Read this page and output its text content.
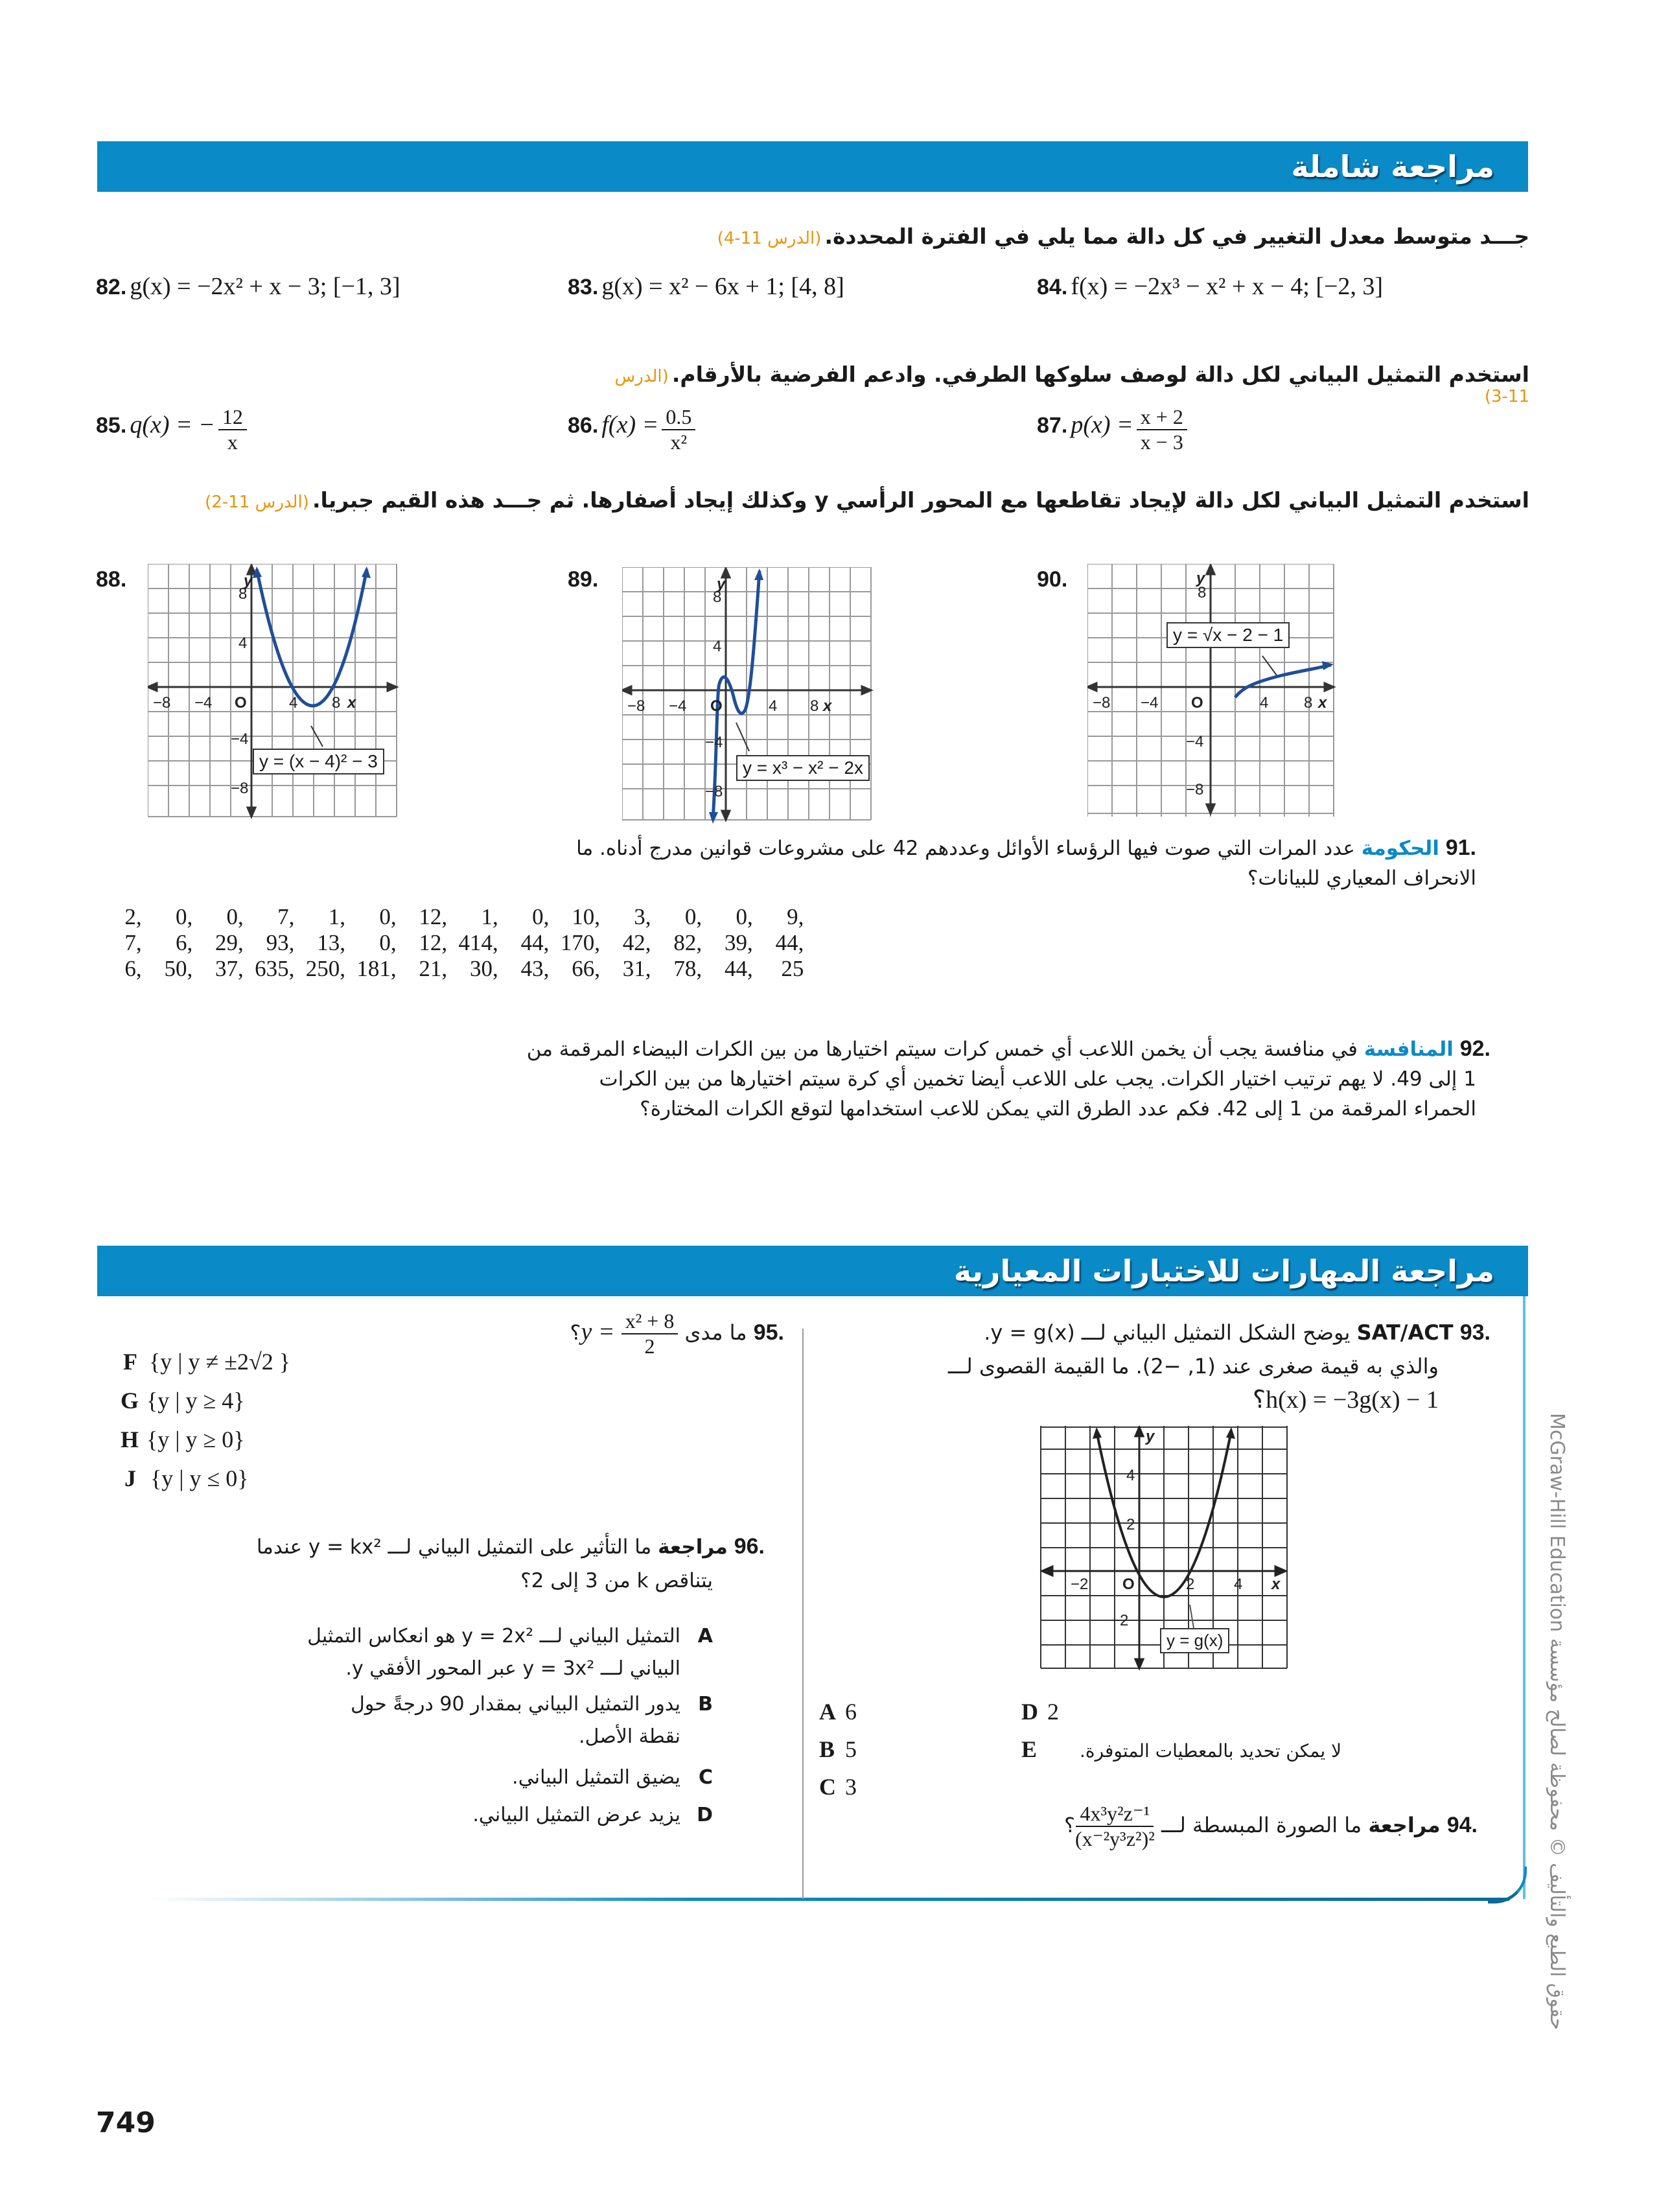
مراجعة شاملة
جـــد متوسط معدل التغيير في كل دالة مما يلي في الفترة المحددة. (الدرس 11-4)
82. g(x) = −2x² + x − 3; [−1, 3]	83. g(x) = x² − 6x + 1; [4, 8]	84. f(x) = −2x³ − x² + x − 4; [−2, 3]
استخدم التمثيل البياني لكل دالة لوصف سلوكها الطرفي. وادعم الفرضية بالأرقام. (الدرس 11-3)
85. q(x) = − $\frac{12}{x}$	86. $f(x) = \frac{0.5}{\text{x²}}$	87. $p(x) = \frac{x + 2}{x - 3}$
استخدم التمثيل البياني لكل دالة لإيجاد تقاطعها مع المحور الرأسي y وكذلك إيجاد أصفارها. ثم جـــد هذه القيم جبريا. (الدرس 11-2)
88.
−8 −4 O	4 8 x
y
8
4
−4
−8
y = (x − 4)² − 3
89.
−8 −4 O	4 8 x
y
8
4
−4
−8
y = x³ − x² − 2x
90.
−8 −4 O	4 8 x
y
8
−4
−8
y = √x − 2 − 1
.91 الحكومة عدد المرات التي صوت فيها الرؤساء الأوائل وعددهم 42 على مشروعات قوانين مدرج أدناه. ما الانحراف المعياري للبيانات؟
2,	0,	0,	7,	1,	0, 12,	1,	0, 10,	3,	0,	0,	9,
7,	6, 29, 93, 13,	0, 12, 414, 44, 170, 42, 82, 39, 44,
6, 50, 37, 635, 250, 181, 21, 30, 43, 66, 31, 78, 44,	25
.92 المنافسة في منافسة يجب أن يخمن اللاعب أي خمس كرات سيتم اختيارها من بين الكرات البيضاء المرقمة من
1 إلى 49. لا يهم ترتيب اختيار الكرات. يجب على اللاعب أيضا تخمين أي كرة سيتم اختيارها من بين الكرات
الحمراء المرقمة من 1 إلى 42. فكم عدد الطرق التي يمكن للاعب استخدامها لتوقع الكرات المختارة؟
مراجعة المهارات للاختبارات المعيارية
.93 SAT/ACT يوضح الشكل التمثيل البياني لـــ y = g(x).
والذي به قيمة صغرى عند (1, −2). ما القيمة القصوى لـــ
h(x) = −3g(x) − 1؟
−2 O	2	4 x
y
4
2
−2
y = g(x)
A 6
B 5
C 3
D 2
E لا يمكن تحديد بالمعطيات المتوفرة.
.94 مراجعة ما الصورة المبسطة لـــ
$\frac{\text{4x³y²z⁻¹}}{\text{(x⁻²y³z²)²}}$
؟
.95 ما مدى
$\frac{\text{x² + 8}}{2}$
y =؟
F {y | y ≠ ±2√2 }
G {y | y ≥ 4}
H {y | y ≥ 0}
J {y | y ≤ 0}
.96 مراجعة ما التأثير على التمثيل البياني لـــ y = kx² عندما
يتناقص k من 3 إلى 2؟
Aالتمثيل البياني لـــ y = 2x² هو انعكاس التمثيل
البياني لـــ y = 3x² عبر المحور الأفقي y.
Bيدور التمثيل البياني بمقدار 90 درجةً حول
نقطة الأصل.
Cيضيق التمثيل البياني.
Dيزيد عرض التمثيل البياني.
McGraw-Hill Education حقوق الطبع والتأليف © محفوظة لصالح مؤسسة
749
